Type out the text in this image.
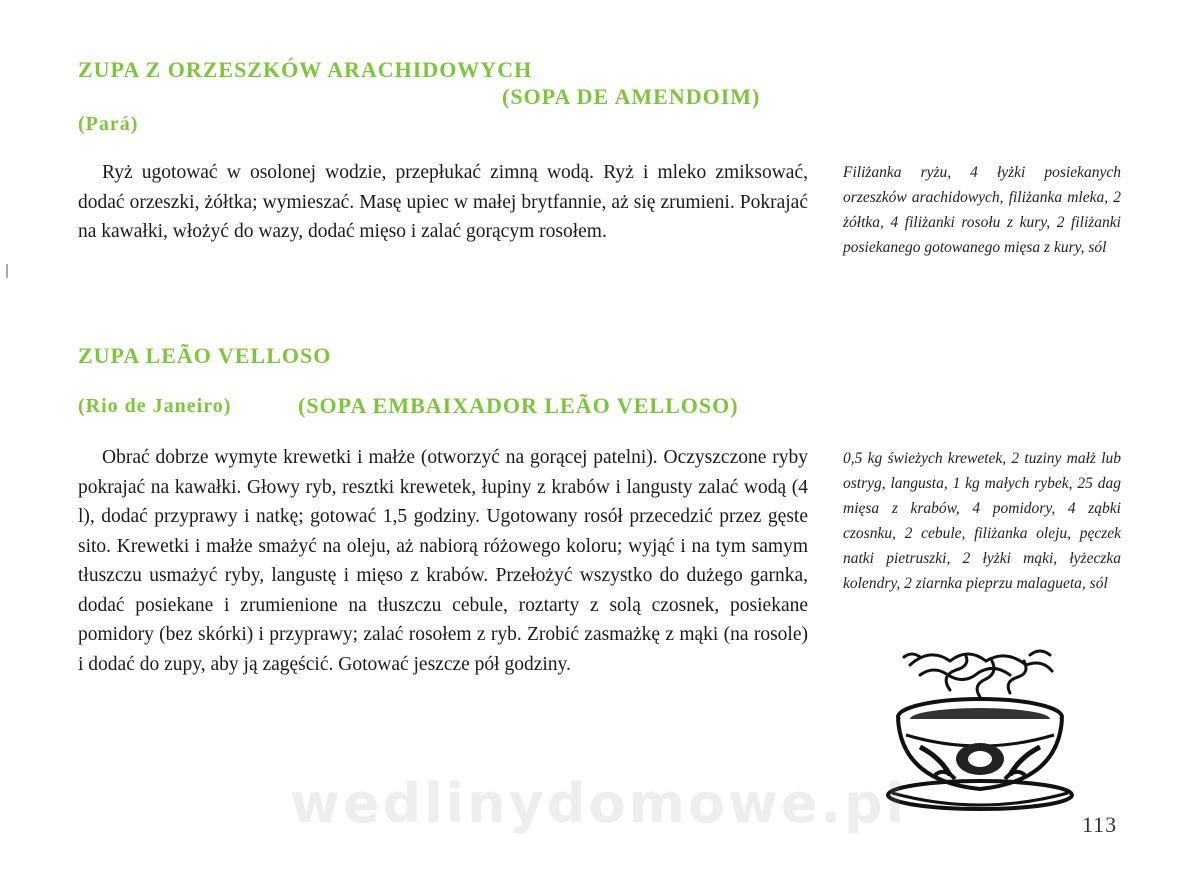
ZUPA Z ORZESZKÓW ARACHIDOWYCH
(SOPA DE AMENDOIM)
(Pará)

Ryż ugotować w osolonej wodzie, przepłukać zimną wodą. Ryż i mleko zmiksować, dodać orzeszki, żółtka; wymieszać. Masę upiec w małej brytfannie, aż się zrumieni. Pokrajać na kawałki, włożyć do wazy, dodać mięso i zalać gorącym rosołem.

Filiżanka ryżu, 4 łyżki posiekanych orzeszków arachidowych, filiżanka mleka, 2 żółtka, 4 filiżanki rosołu z kury, 2 filiżanki posiekanego gotowanego mięsa z kury, sól
ZUPA LEÃO VELLOSO
(Rio de Janeiro)	(SOPA EMBAIXADOR LEÃO VELLOSO)

Obrać dobrze wymyte krewetki i małże (otworzyć na gorącej patelni). Oczyszczone ryby pokrajać na kawałki. Głowy ryb, resztki krewetek, łupiny z krabów i langusty zalać wodą (4 l), dodać przyprawy i natkę; gotować 1,5 godziny. Ugotowany rosół przecedzić przez gęste sito. Krewetki i małże smażyć na oleju, aż nabiorą różowego koloru; wyjąć i na tym samym tłuszczu usmażyć ryby, langustę i mięso z krabów. Przełożyć wszystko do dużego garnka, dodać posiekane i zrumienione na tłuszczu cebule, roztarty z solą czosnek, posiekane pomidory (bez skórki) i przyprawy; zalać rosołem z ryb. Zrobić zasmażkę z mąki (na rosole) i dodać do zupy, aby ją zagęścić. Gotować jeszcze pół godziny.

0,5 kg świeżych krewetek, 2 tuziny małż lub ostryg, langusta, 1 kg małych rybek, 25 dag mięsa z krabów, 4 pomidory, 4 ząbki czosnku, 2 cebule, filiżanka oleju, pęczek natki pietruszki, 2 łyżki mąki, łyżeczka kolendry, 2 ziarnka pieprzu malagueta, sól
wedlinydomowe.pl	113
